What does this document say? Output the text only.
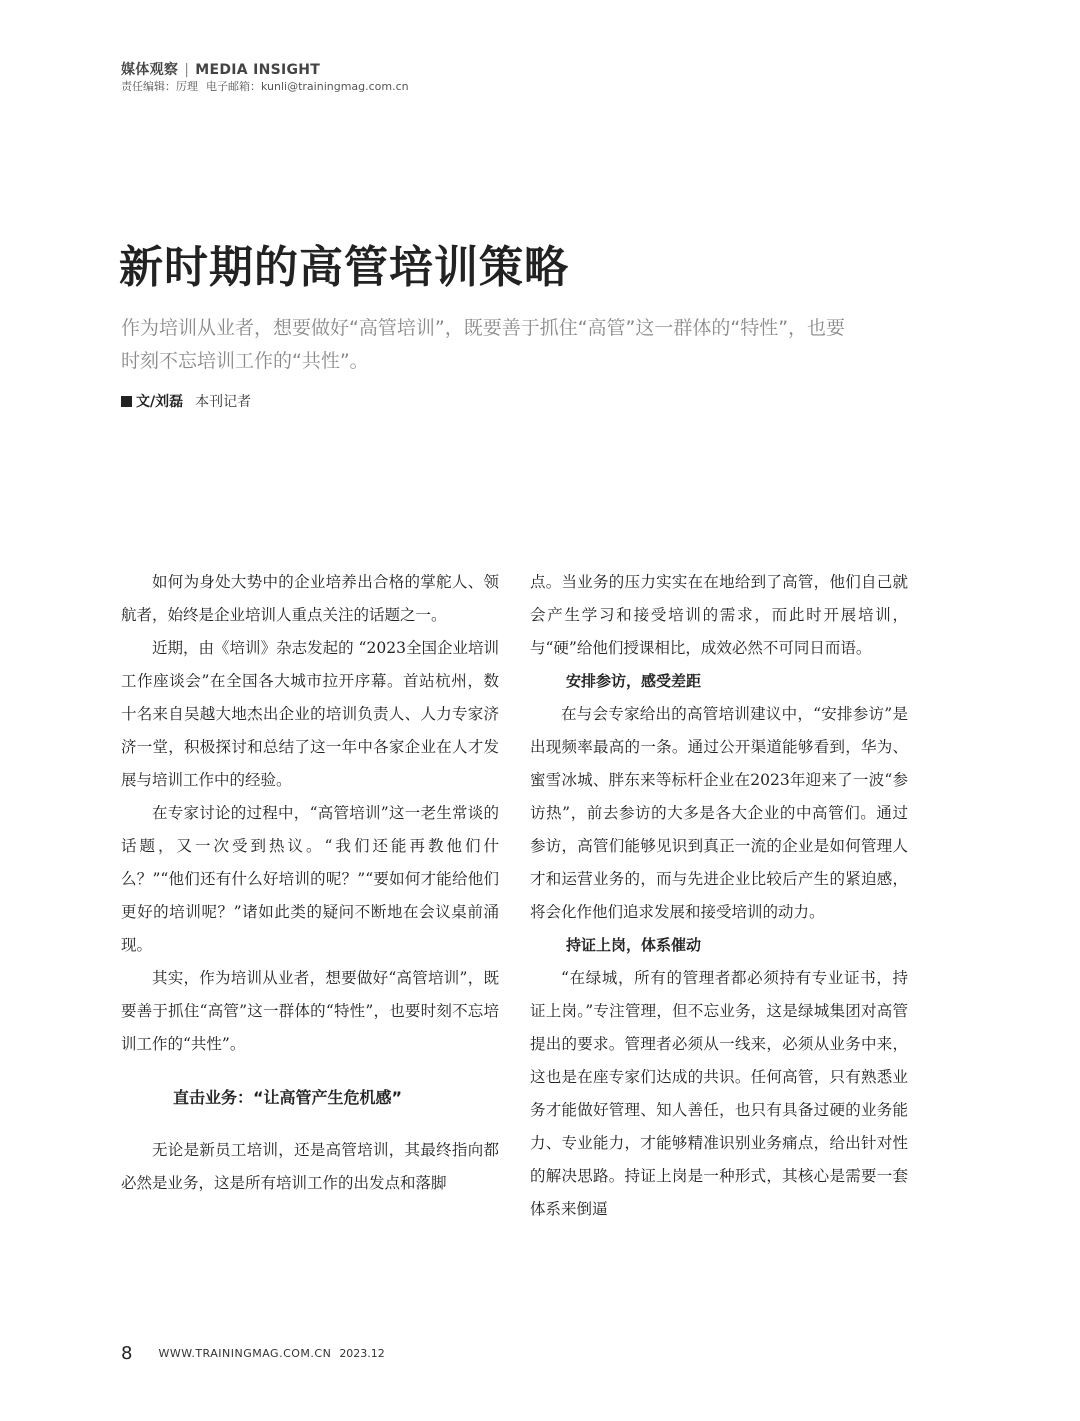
媒体观察 | MEDIA INSIGHT
责任编辑：厉理 电子邮箱：kunli@trainingmag.com.cn
新时期的高管培训策略

作为培训从业者，想要做好“高管培训”，既要善于抓住“高管”这一群体的“特性”，也要时刻不忘培训工作的“共性”。

文/刘磊 本刊记者

如何为身处大势中的企业培养出合格的掌舵人、领航者，始终是企业培训人重点关注的话题之一。

近期，由《培训》杂志发起的 “2023全国企业培训工作座谈会”在全国各大城市拉开序幕。首站杭州，数十名来自吴越大地杰出企业的培训负责人、人力专家济济一堂，积极探讨和总结了这一年中各家企业在人才发展与培训工作中的经验。

在专家讨论的过程中，“高管培训”这一老生常谈的话题，又一次受到热议。“我们还能再教他们什么？”“他们还有什么好培训的呢？”“要如何才能给他们更好的培训呢？”诸如此类的疑问不断地在会议桌前涌现。

其实，作为培训从业者，想要做好“高管培训”，既要善于抓住“高管”这一群体的“特性”，也要时刻不忘培训工作的“共性”。

直击业务：“让高管产生危机感”

无论是新员工培训，还是高管培训，其最终指向都必然是业务，这是所有培训工作的出发点和落脚

点。当业务的压力实实在在地给到了高管，他们自己就会产生学习和接受培训的需求，而此时开展培训，与“硬”给他们授课相比，成效必然不可同日而语。

安排参访，感受差距

在与会专家给出的高管培训建议中，“安排参访”是出现频率最高的一条。通过公开渠道能够看到，华为、蜜雪冰城、胖东来等标杆企业在2023年迎来了一波“参访热”，前去参访的大多是各大企业的中高管们。通过参访，高管们能够见识到真正一流的企业是如何管理人才和运营业务的，而与先进企业比较后产生的紧迫感，将会化作他们追求发展和接受培训的动力。

持证上岗，体系催动

“在绿城，所有的管理者都必须持有专业证书，持证上岗。”专注管理，但不忘业务，这是绿城集团对高管提出的要求。管理者必须从一线来，必须从业务中来，这也是在座专家们达成的共识。任何高管，只有熟悉业务才能做好管理、知人善任，也只有具备过硬的业务能力、专业能力，才能够精准识别业务痛点，给出针对性的解决思路。持证上岗是一种形式，其核心是需要一套体系来倒逼

8 WWW.TRAININGMAG.COM.CN 2023.12
